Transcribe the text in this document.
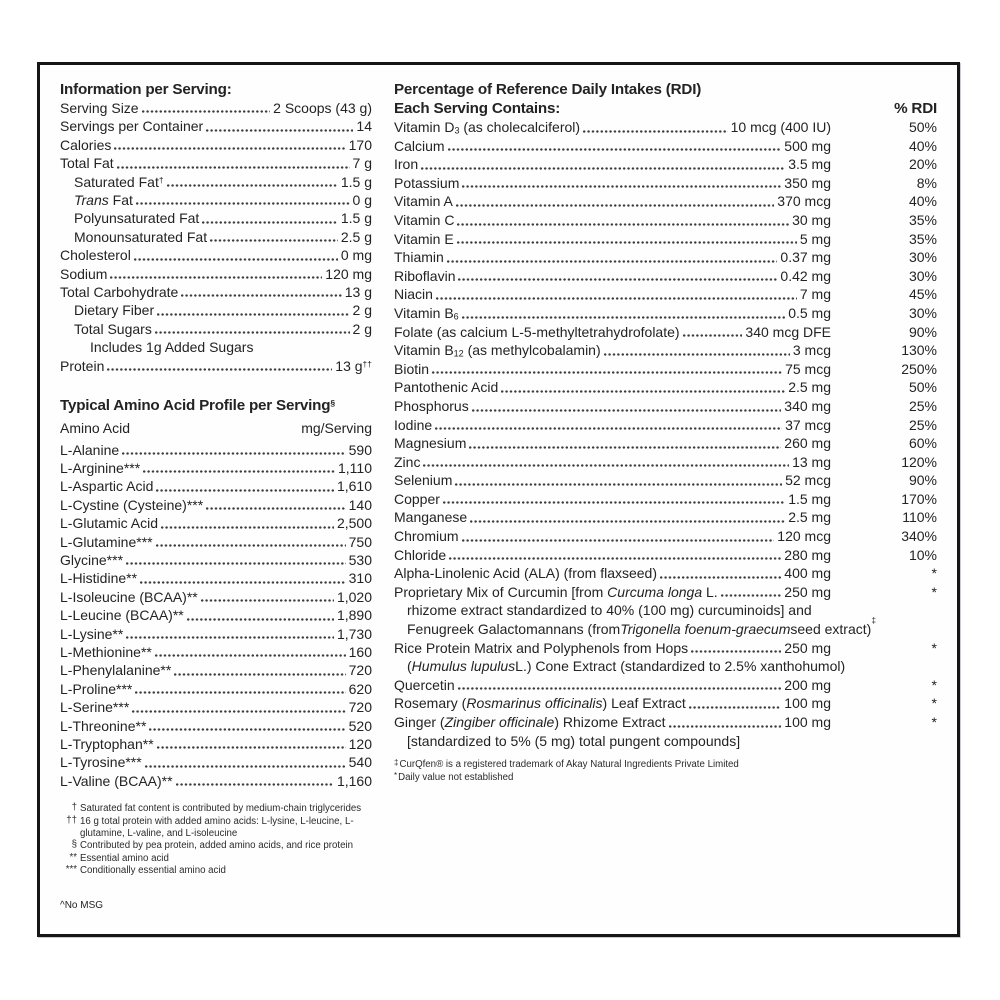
Information per Serving:
Serving Size	2 Scoops (43 g)
Servings per Container	14
Calories	170
Total Fat	7 g
Saturated Fat†	1.5 g
Trans Fat	0 g
Polyunsaturated Fat	1.5 g
Monounsaturated Fat	2.5 g
Cholesterol	0 mg
Sodium	120 mg
Total Carbohydrate	13 g
Dietary Fiber	2 g
Total Sugars	2 g
Includes 1g Added Sugars
Protein	13 g††
Typical Amino Acid Profile per Serving§
Amino Acid	mg/Serving
L-Alanine	590
L-Arginine***	1,110
L-Aspartic Acid	1,610
L-Cystine (Cysteine)***	140
L-Glutamic Acid	2,500
L-Glutamine***	750
Glycine***	530
L-Histidine**	310
L-Isoleucine (BCAA)**	1,020
L-Leucine (BCAA)**	1,890
L-Lysine**	1,730
L-Methionine**	160
L-Phenylalanine**	720
L-Proline***	620
L-Serine***	720
L-Threonine**	520
L-Tryptophan**	120
L-Tyrosine***	540
L-Valine (BCAA)**	1,160
† Saturated fat content is contributed by medium-chain triglycerides
†† 16 g total protein with added amino acids: L-lysine, L-leucine, L-glutamine, L-valine, and L-isoleucine
§ Contributed by pea protein, added amino acids, and rice protein
** Essential amino acid
*** Conditionally essential amino acid
^No MSG
Percentage of Reference Daily Intakes (RDI)
Each Serving Contains:	% RDI
Vitamin $D_3$ (as cholecalciferol)	10 mcg (400 IU)	50%
Calcium	500 mg	40%
Iron	3.5 mg	20%
Potassium	350 mg	8%
Vitamin A	370 mcg	40%
Vitamin C	30 mg	35%
Vitamin E	5 mg	35%
Thiamin	0.37 mg	30%
Riboflavin	0.42 mg	30%
Niacin	7 mg	45%
Vitamin $B_6$	0.5 mg	30%
Folate (as calcium L-5-methyltetrahydrofolate)	340 mcg DFE	90%
Vitamin $B_{12}$ (as methylcobalamin)	3 mcg	130%
Biotin	75 mcg	250%
Pantothenic Acid	2.5 mg	50%
Phosphorus	340 mg	25%
Iodine	37 mcg	25%
Magnesium	260 mg	60%
Zinc	13 mg	120%
Selenium	52 mcg	90%
Copper	1.5 mg	170%
Manganese	2.5 mg	110%
Chromium	120 mcg	340%
Chloride	280 mg	10%
Alpha-Linolenic Acid (ALA) (from flaxseed)	400 mg	*
Proprietary Mix of Curcumin [from Curcuma longa L.	250 mg	*
rhizome extract standardized to 40% (100 mg) curcuminoids] and
Fenugreek Galactomannans (from Trigonella foenum-graecum seed extract)
‡
Rice Protein Matrix and Polyphenols from Hops	250 mg	*
( Humulus lupulus L.) Cone Extract (standardized to 2.5% xanthohumol)
Quercetin	200 mg	*
Rosemary (Rosmarinus officinalis) Leaf Extract	100 mg	*
Ginger (Zingiber officinale) Rhizome Extract	100 mg	*
[standardized to 5% (5 mg) total pungent compounds]
‡CurQfen® is a registered trademark of Akay Natural Ingredients Private Limited
*Daily value not established
